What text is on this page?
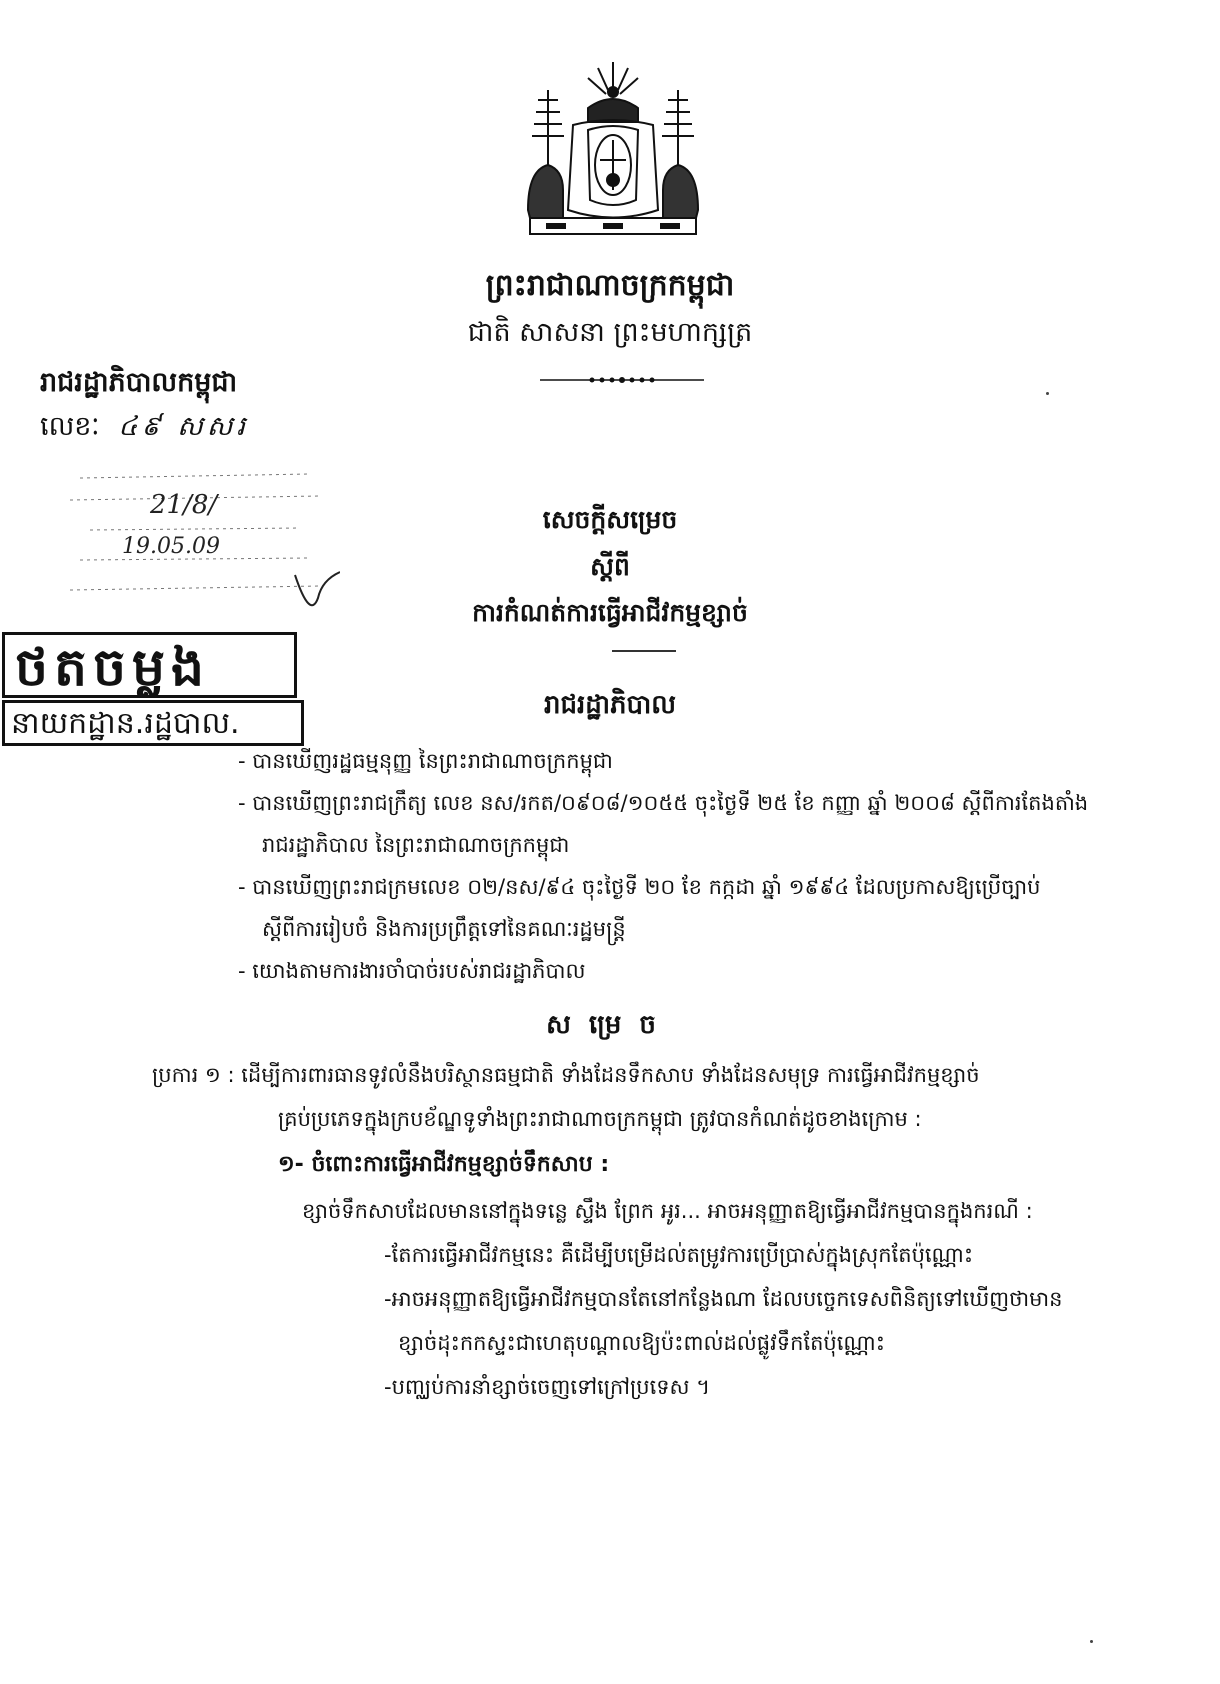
ព្រះរាជាណាចក្រកម្ពុជា
ជាតិ សាសនា ព្រះមហាក្សត្រ
រាជរដ្ឋាភិបាលកម្ពុជា
លេខៈ ៤៩ សសរ
21/8/
19.05.09
ថតចម្លង
នាយកដ្ឋាន.រដ្ឋបាល.
សេចក្តីសម្រេច
ស្តីពី
ការកំណត់ការធ្វើអាជីវកម្មខ្សាច់
រាជរដ្ឋាភិបាល
- បានឃើញរដ្ឋធម្មនុញ្ញ នៃព្រះរាជាណាចក្រកម្ពុជា
- បានឃើញព្រះរាជក្រឹត្យ លេខ នស/រកត/០៩០៨/១០៥៥ ចុះថ្ងៃទី ២៥ ខែ កញ្ញា ឆ្នាំ ២០០៨ ស្តីពីការតែងតាំង
រាជរដ្ឋាភិបាល នៃព្រះរាជាណាចក្រកម្ពុជា
- បានឃើញព្រះរាជក្រមលេខ ០២/នស/៩៤ ចុះថ្ងៃទី ២០ ខែ កក្កដា ឆ្នាំ ១៩៩៤ ដែលប្រកាសឱ្យប្រើច្បាប់
ស្តីពីការរៀបចំ និងការប្រព្រឹត្តទៅនៃគណៈរដ្ឋមន្ត្រី
- យោងតាមការងារចាំបាច់របស់រាជរដ្ឋាភិបាល
សម្រេច
ប្រការ ១ : ដើម្បីការពារធានទូវលំនឹងបរិស្ថានធម្មជាតិ ទាំងដែនទឹកសាប ទាំងដែនសមុទ្រ ការធ្វើអាជីវកម្មខ្សាច់
គ្រប់ប្រភេទក្នុងក្របខ័ណ្ឌទូទាំងព្រះរាជាណាចក្រកម្ពុជា ត្រូវបានកំណត់ដូចខាងក្រោម :
១- ចំពោះការធ្វើអាជីវកម្មខ្សាច់ទឹកសាប :
ខ្សាច់ទឹកសាបដែលមាននៅក្នុងទន្លេ ស្ទឹង ព្រែក អូរ... អាចអនុញ្ញាតឱ្យធ្វើអាជីវកម្មបានក្នុងករណី :
-តែការធ្វើអាជីវកម្មនេះ គឺដើម្បីបម្រើដល់តម្រូវការប្រើប្រាស់ក្នុងស្រុកតែប៉ុណ្ណោះ
-អាចអនុញ្ញាតឱ្យធ្វើអាជីវកម្មបានតែនៅកន្លែងណា ដែលបច្ចេកទេសពិនិត្យទៅឃើញថាមាន
ខ្សាច់ដុះកកស្ទះជាហេតុបណ្តាលឱ្យប៉ះពាល់ដល់ផ្លូវទឹកតែប៉ុណ្ណោះ
-បញ្ឈប់ការនាំខ្សាច់ចេញទៅក្រៅប្រទេស ។
